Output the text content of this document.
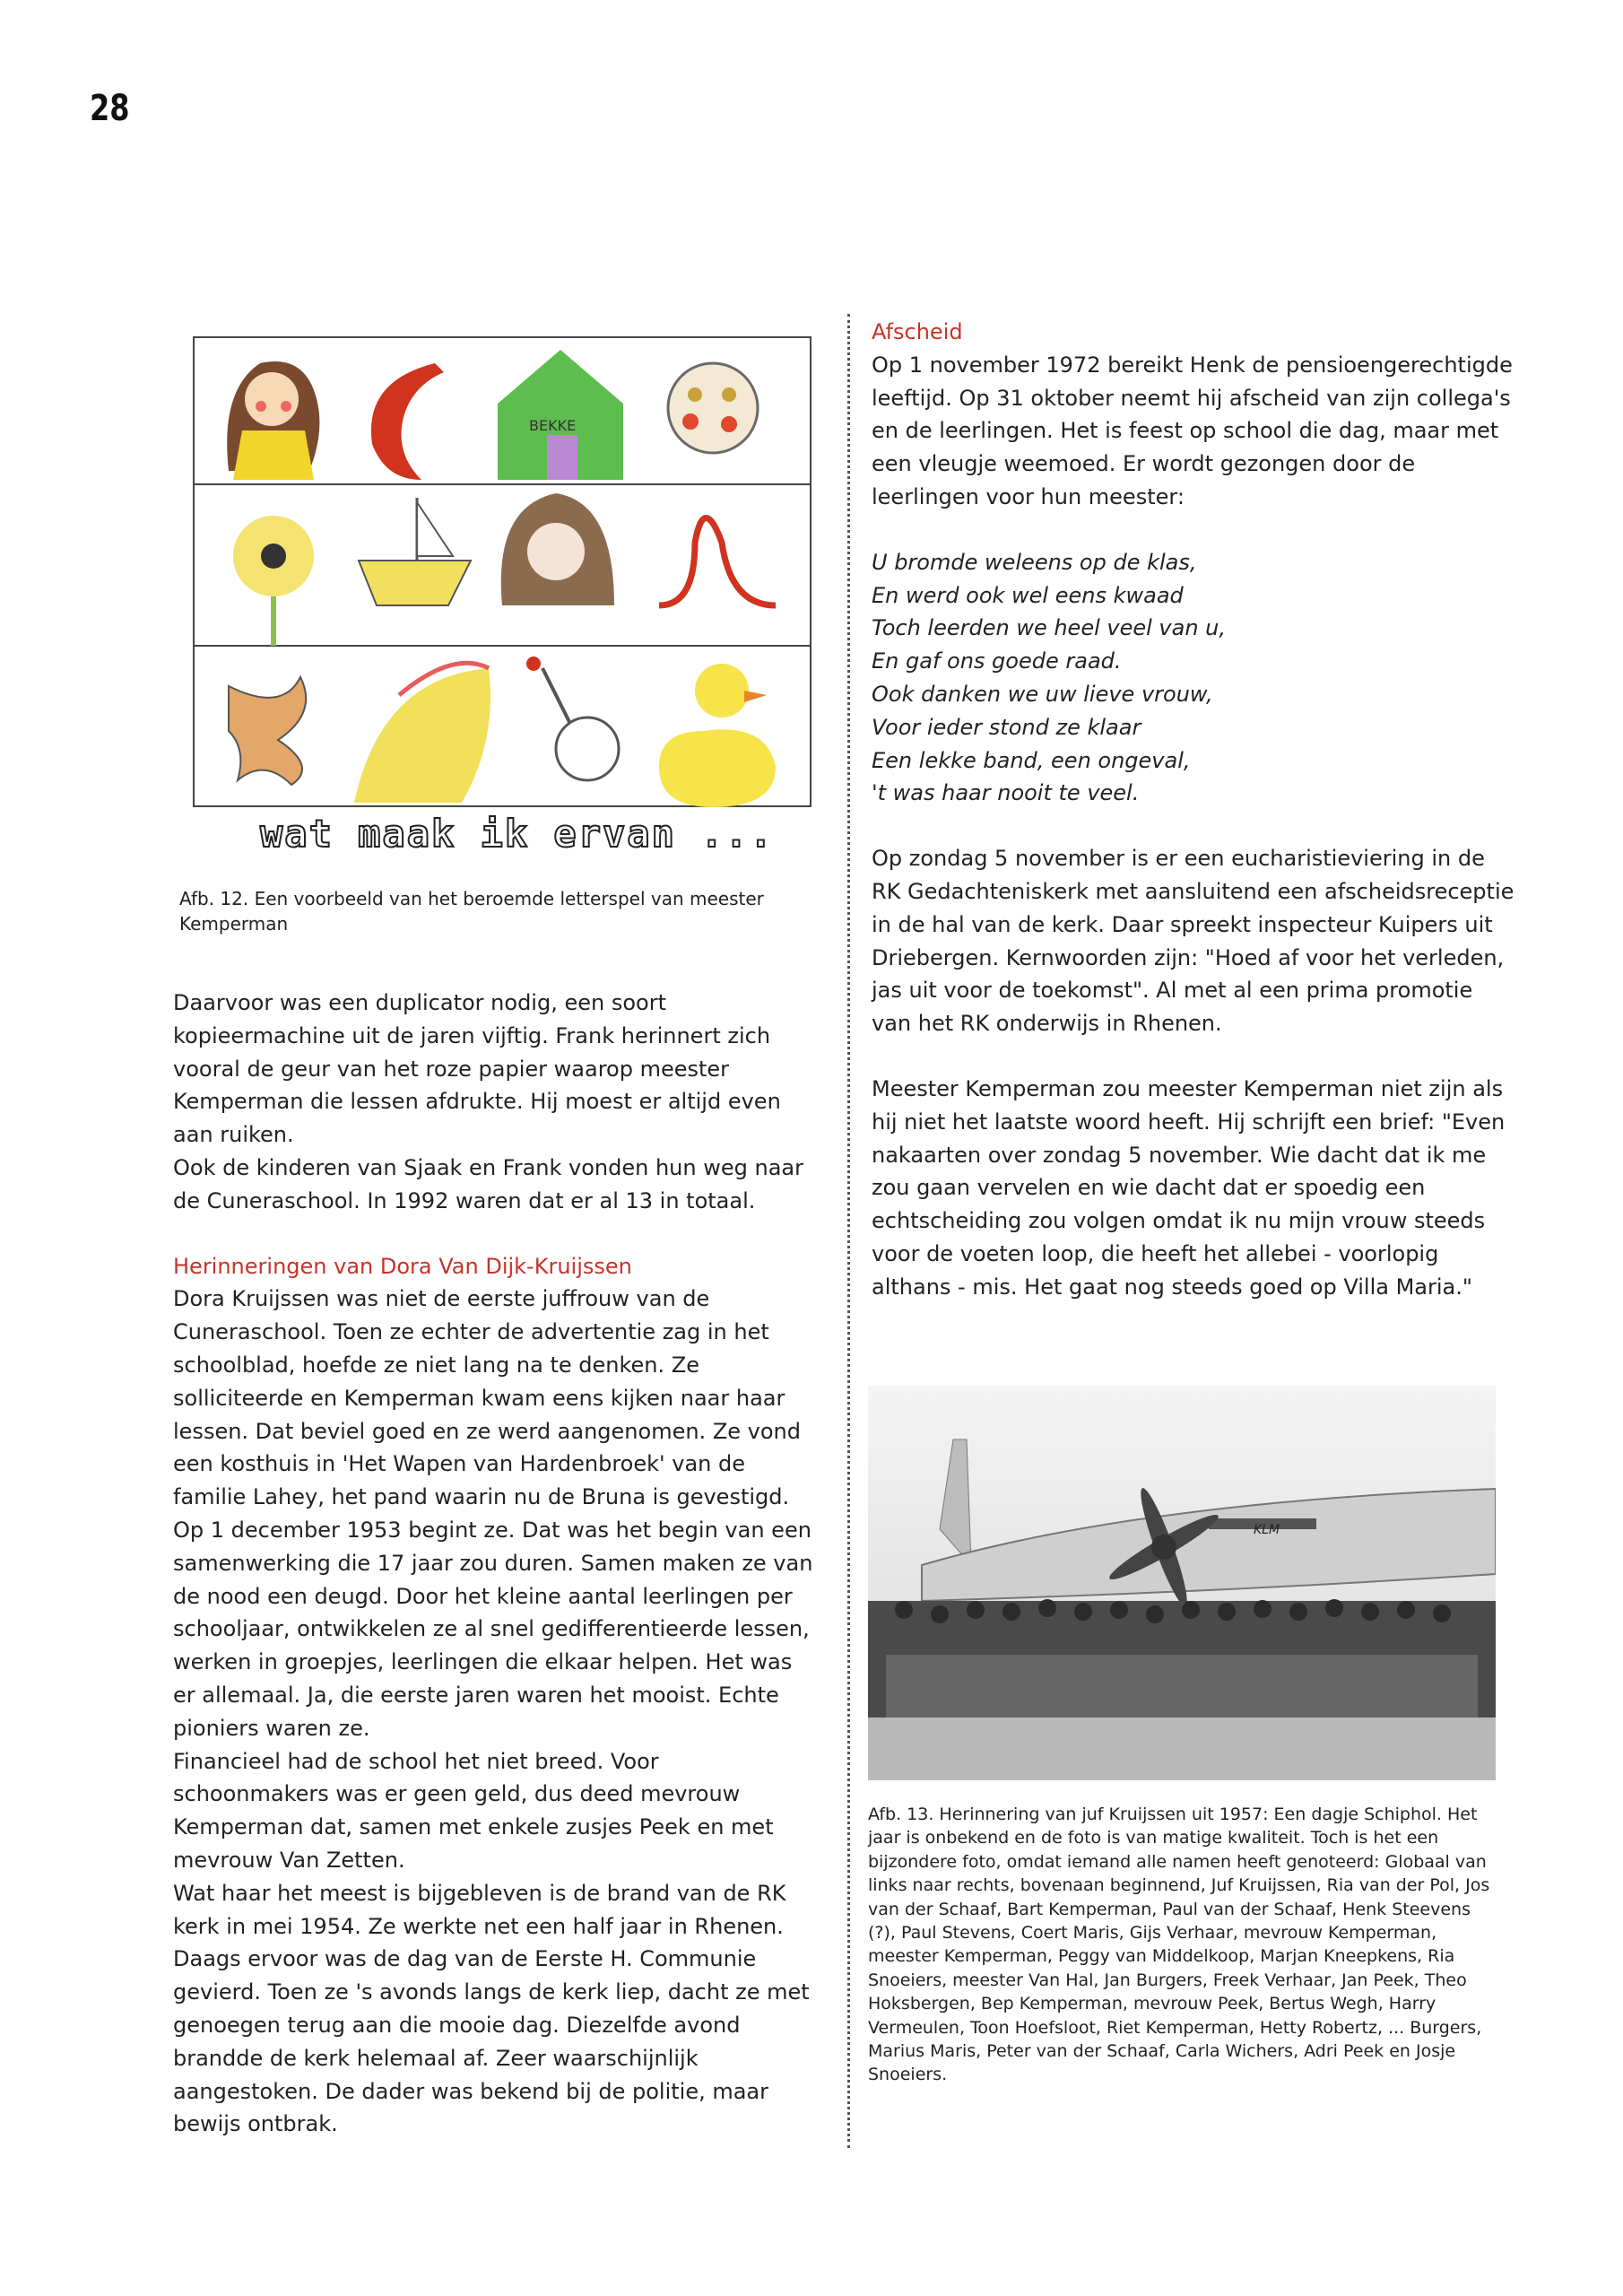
28
BEKKE
wat maak ik ervan ...
Afb. 12. Een voorbeeld van het beroemde letterspel van meester Kemperman

Daarvoor was een duplicator nodig, een soort kopieermachine uit de jaren vijftig. Frank herinnert zich vooral de geur van het roze papier waarop meester Kemperman die lessen afdrukte. Hij moest er altijd even aan ruiken.

Ook de kinderen van Sjaak en Frank vonden hun weg naar de Cuneraschool. In 1992 waren dat er al 13 in totaal.

Herinneringen van Dora Van Dijk-Kruijssen

Dora Kruijssen was niet de eerste juffrouw van de Cuneraschool. Toen ze echter de advertentie zag in het schoolblad, hoefde ze niet lang na te denken. Ze solliciteerde en Kemperman kwam eens kijken naar haar lessen. Dat beviel goed en ze werd aangenomen. Ze vond een kosthuis in 'Het Wapen van Hardenbroek' van de familie Lahey, het pand waarin nu de Bruna is gevestigd.

Op 1 december 1953 begint ze. Dat was het begin van een samenwerking die 17 jaar zou duren. Samen maken ze van de nood een deugd. Door het kleine aantal leerlingen per schooljaar, ontwikkelen ze al snel gedifferentieerde lessen, werken in groepjes, leerlingen die elkaar helpen. Het was er allemaal. Ja, die eerste jaren waren het mooist. Echte pioniers waren ze.

Financieel had de school het niet breed. Voor schoonmakers was er geen geld, dus deed mevrouw Kemperman dat, samen met enkele zusjes Peek en met mevrouw Van Zetten.

Wat haar het meest is bijgebleven is de brand van de RK kerk in mei 1954. Ze werkte net een half jaar in Rhenen. Daags ervoor was de dag van de Eerste H. Communie gevierd. Toen ze 's avonds langs de kerk liep, dacht ze met genoegen terug aan die mooie dag. Diezelfde avond brandde de kerk helemaal af. Zeer waarschijnlijk aangestoken. De dader was bekend bij de politie, maar bewijs ontbrak.

Afscheid

Op 1 november 1972 bereikt Henk de pensioengerechtigde leeftijd. Op 31 oktober neemt hij afscheid van zijn collega's en de leerlingen. Het is feest op school die dag, maar met een vleugje weemoed. Er wordt gezongen door de leerlingen voor hun meester:

U bromde weleens op de klas,

En werd ook wel eens kwaad

Toch leerden we heel veel van u,

En gaf ons goede raad.

Ook danken we uw lieve vrouw,

Voor ieder stond ze klaar

Een lekke band, een ongeval,

't was haar nooit te veel.

Op zondag 5 november is er een eucharistieviering in de RK Gedachteniskerk met aansluitend een afscheidsreceptie in de hal van de kerk. Daar spreekt inspecteur Kuipers uit Driebergen. Kernwoorden zijn: "Hoed af voor het verleden, jas uit voor de toekomst". Al met al een prima promotie van het RK onderwijs in Rhenen.

Meester Kemperman zou meester Kemperman niet zijn als hij niet het laatste woord heeft. Hij schrijft een brief: "Even nakaarten over zondag 5 november. Wie dacht dat ik me zou gaan vervelen en wie dacht dat er spoedig een echtscheiding zou volgen omdat ik nu mijn vrouw steeds voor de voeten loop, die heeft het allebei - voorlopig althans - mis. Het gaat nog steeds goed op Villa Maria."

KLM
Afb. 13. Herinnering van juf Kruijssen uit 1957: Een dagje Schiphol. Het jaar is onbekend en de foto is van matige kwaliteit. Toch is het een bijzondere foto, omdat iemand alle namen heeft genoteerd: Globaal van links naar rechts, bovenaan beginnend, Juf Kruijssen, Ria van der Pol, Jos van der Schaaf, Bart Kemperman, Paul van der Schaaf, Henk Steevens (?), Paul Stevens, Coert Maris, Gijs Verhaar, mevrouw Kemperman, meester Kemperman, Peggy van Middelkoop, Marjan Kneepkens, Ria Snoeiers, meester Van Hal, Jan Burgers, Freek Verhaar, Jan Peek, Theo Hoksbergen, Bep Kemperman, mevrouw Peek, Bertus Wegh, Harry Vermeulen, Toon Hoefsloot, Riet Kemperman, Hetty Robertz, ... Burgers, Marius Maris, Peter van der Schaaf, Carla Wichers, Adri Peek en Josje Snoeiers.
